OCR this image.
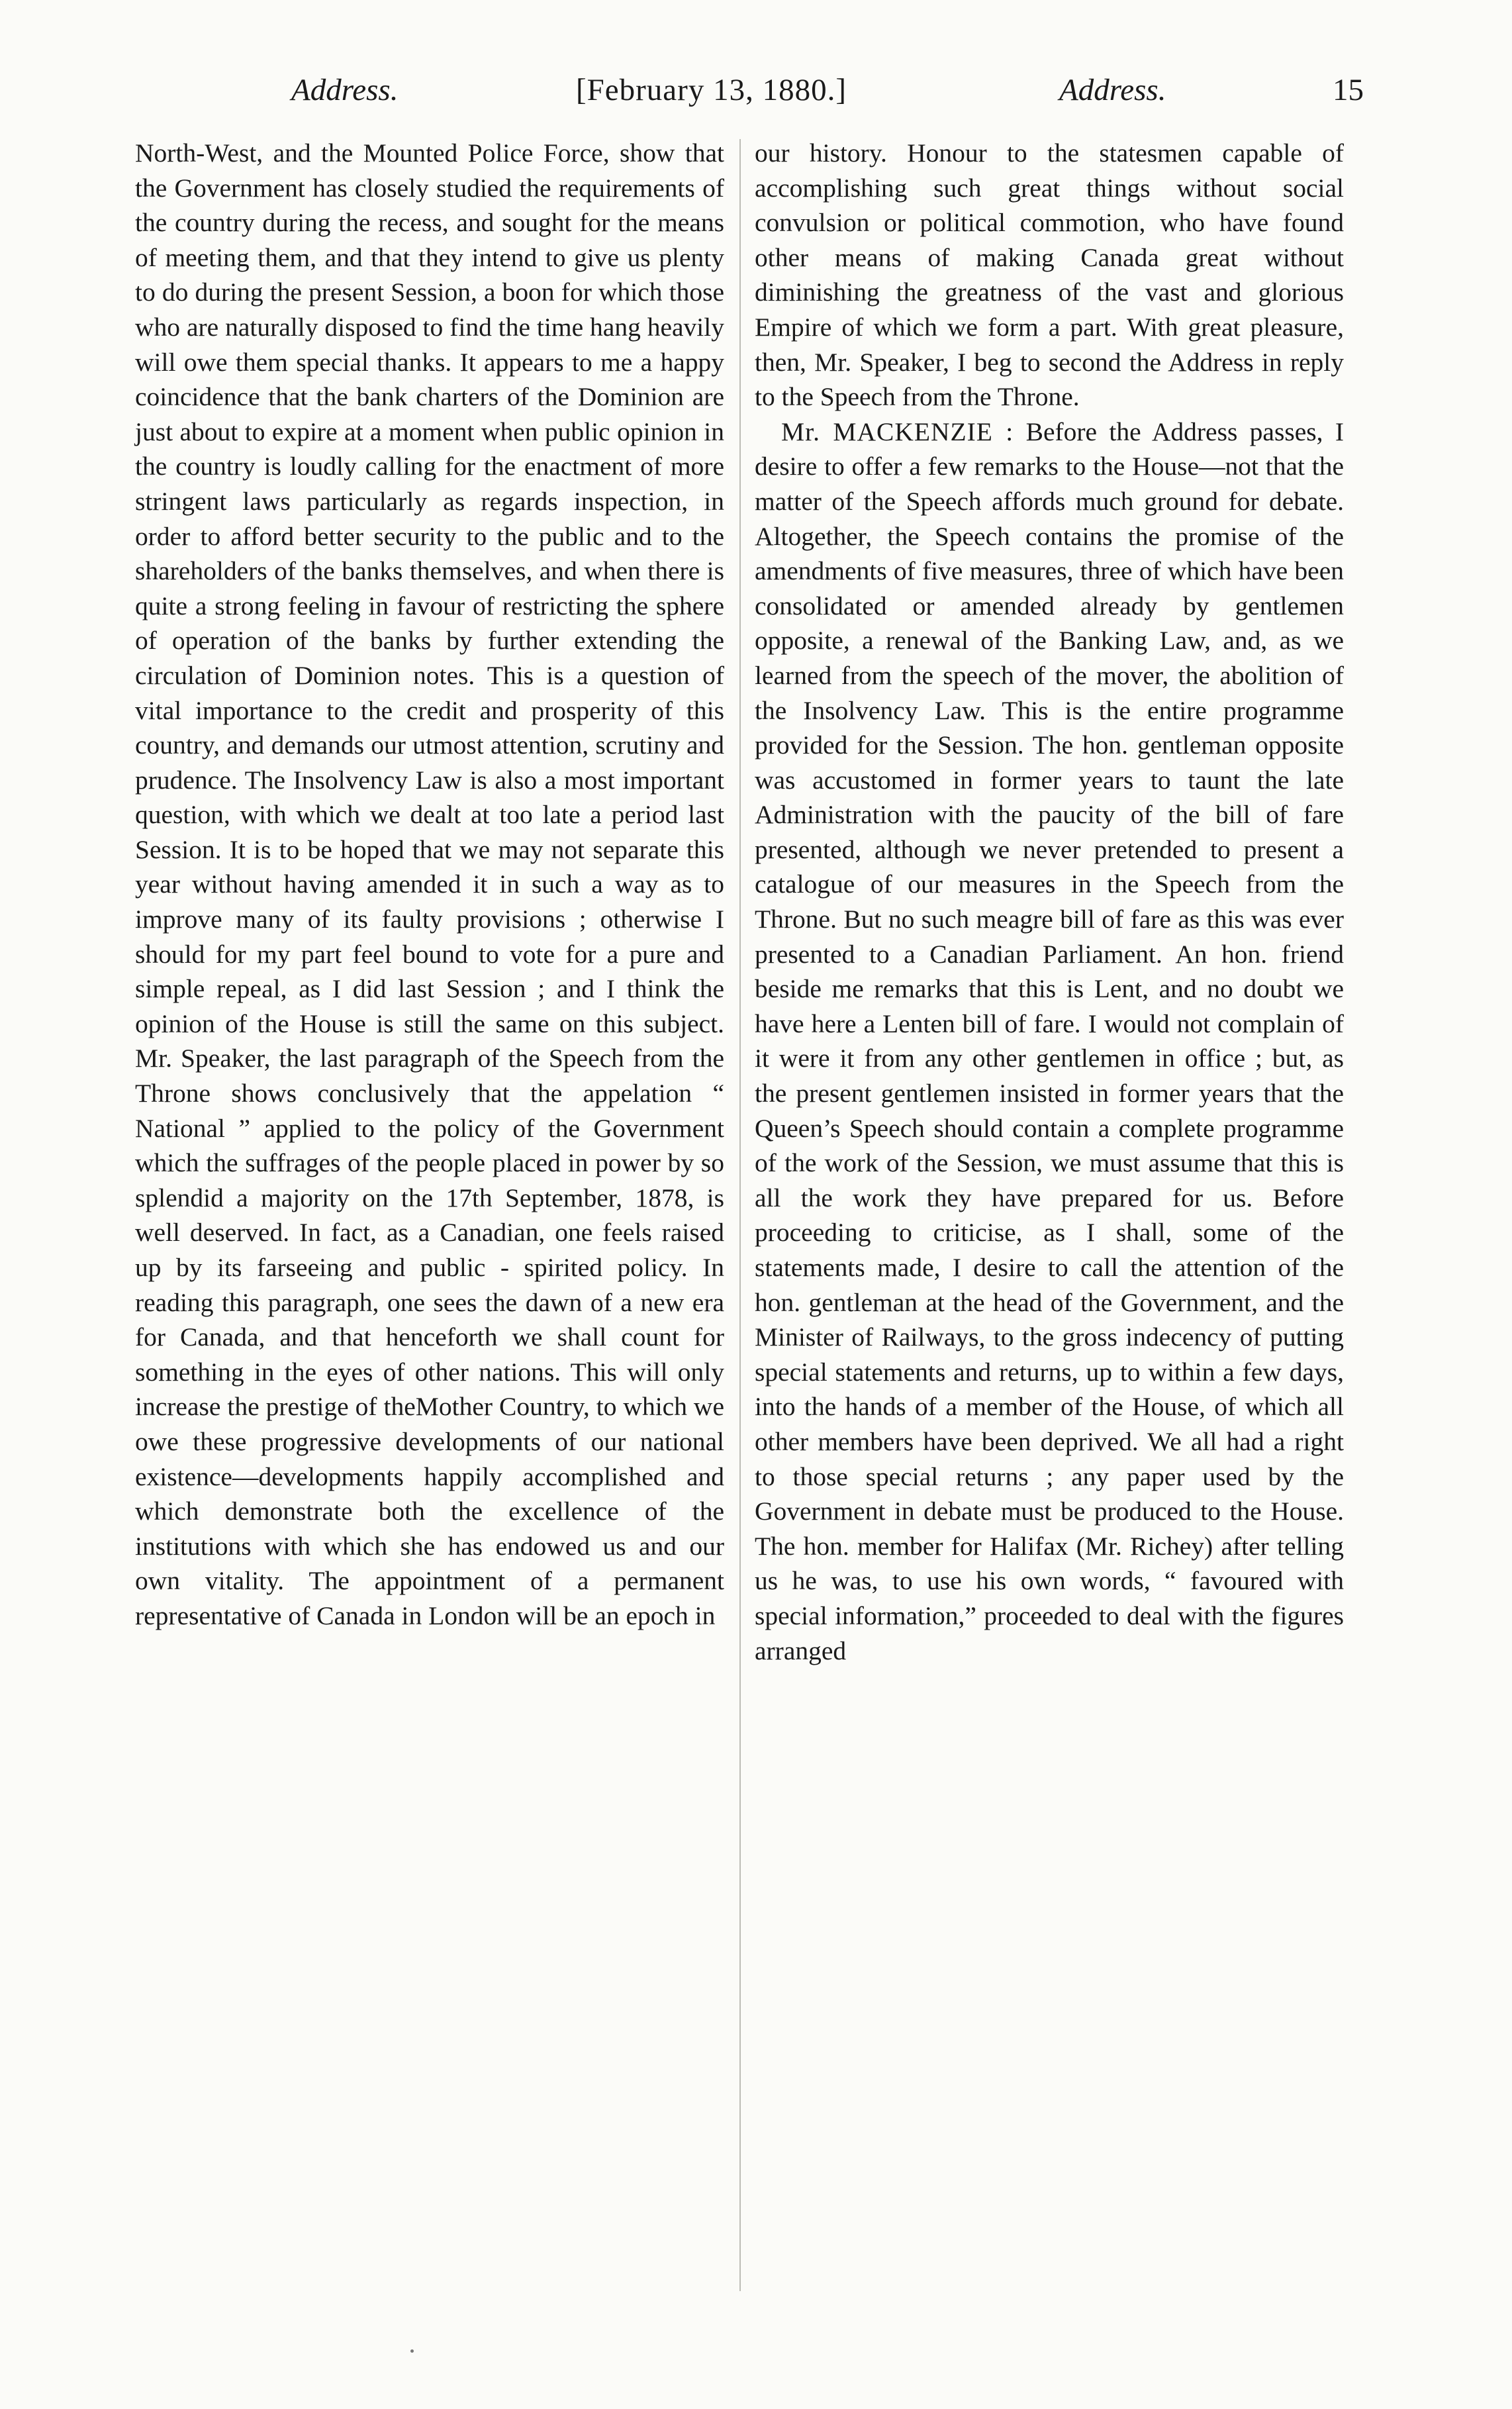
Address.	[February 13, 1880.]	Address.	15

North-West, and the Mounted Police Force, show that the Government has closely studied the requirements of the country during the recess, and sought for the means of meeting them, and that they intend to give us plenty to do during the present Session, a boon for which those who are naturally disposed to find the time hang heavily will owe them special thanks. It appears to me a happy coincidence that the bank charters of the Dominion are just about to expire at a moment when public opinion in the country is loudly calling for the enactment of more stringent laws particularly as regards inspection, in order to afford better security to the public and to the shareholders of the banks themselves, and when there is quite a strong feeling in favour of restricting the sphere of operation of the banks by further extending the circulation of Dominion notes. This is a question of vital importance to the credit and prosperity of this country, and demands our utmost attention, scrutiny and prudence. The Insolvency Law is also a most important question, with which we dealt at too late a period last Session. It is to be hoped that we may not separate this year without having amended it in such a way as to improve many of its faulty provisions ; otherwise I should for my part feel bound to vote for a pure and simple repeal, as I did last Session ; and I think the opinion of the House is still the same on this subject. Mr. Speaker, the last paragraph of the Speech from the Throne shows conclusively that the appelation “ National ” applied to the policy of the Government which the suffrages of the people placed in power by so splendid a majority on the 17th September, 1878, is well deserved. In fact, as a Canadian, one feels raised up by its farseeing and public - spirited policy. In reading this paragraph, one sees the dawn of a new era for Canada, and that henceforth we shall count for something in the eyes of other nations. This will only increase the prestige of theMother Country, to which we owe these progressive developments of our national existence—developments happily accomplished and which demonstrate both the excellence of the institutions with which she has endowed us and our own vitality. The appointment of a permanent representative of Canada in London will be an epoch in

our history. Honour to the statesmen capable of accomplishing such great things without social convulsion or political commotion, who have found other means of making Canada great without diminishing the greatness of the vast and glorious Empire of which we form a part. With great pleasure, then, Mr. Speaker, I beg to second the Address in reply to the Speech from the Throne.

Mr. MACKENZIE : Before the Address passes, I desire to offer a few remarks to the House—not that the matter of the Speech affords much ground for debate. Altogether, the Speech contains the promise of the amendments of five measures, three of which have been consolidated or amended already by gentlemen opposite, a renewal of the Banking Law, and, as we learned from the speech of the mover, the abolition of the Insolvency Law. This is the entire programme provided for the Session. The hon. gentleman opposite was accustomed in former years to taunt the late Administration with the paucity of the bill of fare presented, although we never pretended to present a catalogue of our measures in the Speech from the Throne. But no such meagre bill of fare as this was ever presented to a Canadian Parliament. An hon. friend beside me remarks that this is Lent, and no doubt we have here a Lenten bill of fare. I would not complain of it were it from any other gentlemen in office ; but, as the present gentlemen insisted in former years that the Queen’s Speech should contain a complete programme of the work of the Session, we must assume that this is all the work they have prepared for us. Before proceeding to criticise, as I shall, some of the statements made, I desire to call the attention of the hon. gentleman at the head of the Government, and the Minister of Railways, to the gross indecency of putting special statements and returns, up to within a few days, into the hands of a member of the House, of which all other members have been deprived. We all had a right to those special returns ; any paper used by the Government in debate must be produced to the House. The hon. member for Halifax (Mr. Richey) after telling us he was, to use his own words, “ favoured with special information,” proceeded to deal with the figures arranged
